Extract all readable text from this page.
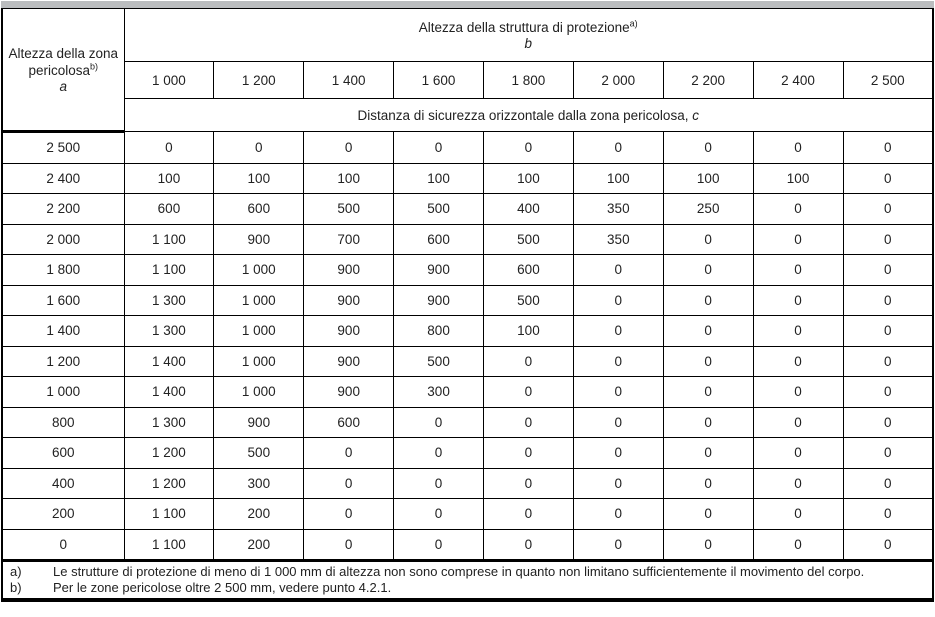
Altezza della zona
pericolosa$^{b)}$
a

Altezza della struttura di protezione$^{a)}$
b

	1 000	1 200	1 400	1 600	1 800	2 000	2 200	2 400	2 500
	Distanza di sicurezza orizzontale dalla zona pericolosa, c								
2 500	0	0	0	0	0	0	0	0	0
2 400	100	100	100	100	100	100	100	100	0
2 200	600	600	500	500	400	350	250	0	0
2 000	1 100	900	700	600	500	350	0	0	0
1 800	1 100	1 000	900	900	600	0	0	0	0
1 600	1 300	1 000	900	900	500	0	0	0	0
1 400	1 300	1 000	900	800	100	0	0	0	0
1 200	1 400	1 000	900	500	0	0	0	0	0
1 000	1 400	1 000	900	300	0	0	0	0	0
800	1 300	900	600	0	0	0	0	0	0
600	1 200	500	0	0	0	0	0	0	0
400	1 200	300	0	0	0	0	0	0	0
200	1 100	200	0	0	0	0	0	0	0
0	1 100	200	0	0	0	0	0	0	0

a) Le strutture di protezione di meno di 1 000 mm di altezza non sono comprese in quanto non limitano sufficientemente il movimento del corpo.
b) Per le zone pericolose oltre 2 500 mm, vedere punto 4.2.1.									
